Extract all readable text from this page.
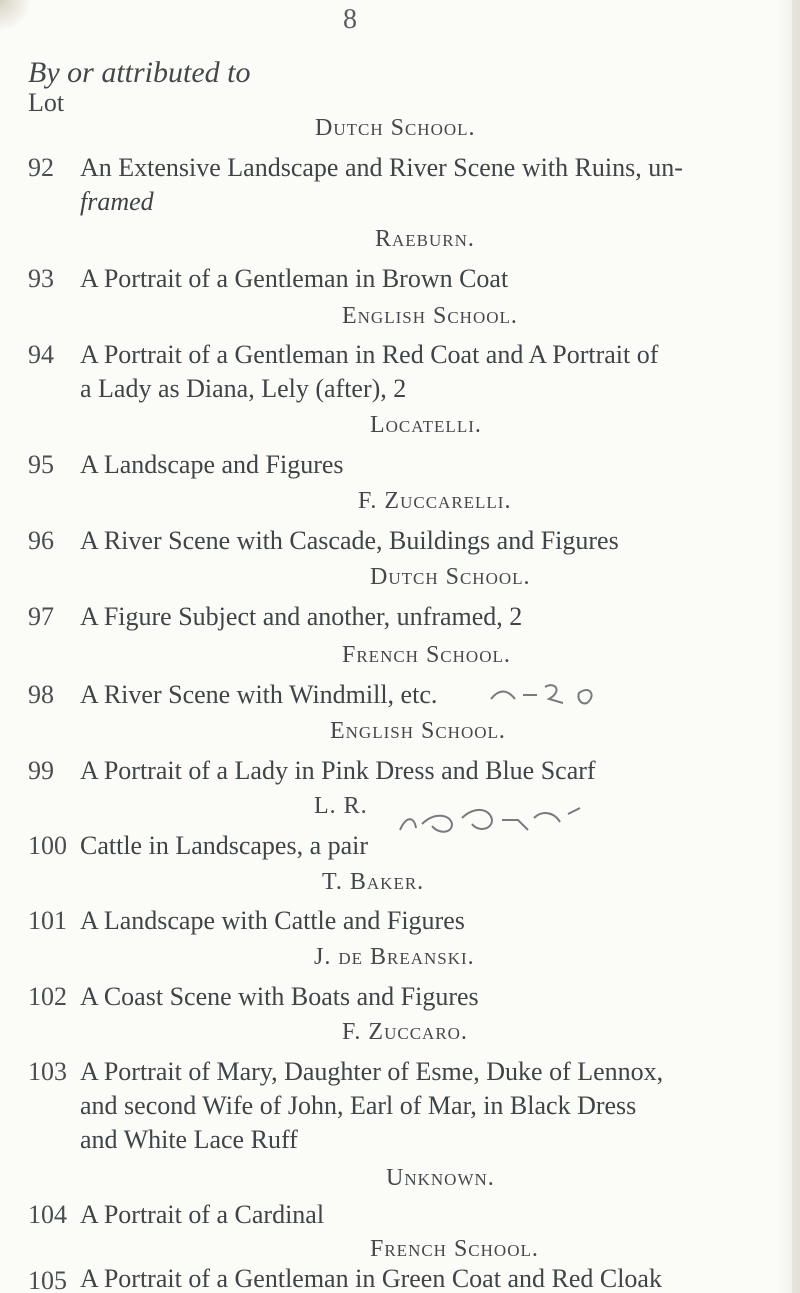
8
By or attributed to
Lot
Dutch School.
92	An Extensive Landscape and River Scene with Ruins, un-
framed
Raeburn.
93	A Portrait of a Gentleman in Brown Coat
English School.
94	A Portrait of a Gentleman in Red Coat and A Portrait of
a Lady as Diana, Lely (after), 2
Locatelli.
95	A Landscape and Figures
F. Zuccarelli.
96	A River Scene with Cascade, Buildings and Figures
Dutch School.
97	A Figure Subject and another, unframed, 2
French School.
98	A River Scene with Windmill, etc.
English School.
99	A Portrait of a Lady in Pink Dress and Blue Scarf
L. R.
100 Cattle in Landscapes, a pair
T. Baker.
101 A Landscape with Cattle and Figures
J. de Breanski.
102 A Coast Scene with Boats and Figures
F. Zuccaro.
103 A Portrait of Mary, Daughter of Esme, Duke of Lennox,
and second Wife of John, Earl of Mar, in Black Dress
and White Lace Ruff
Unknown.
104 A Portrait of a Cardinal
French School.
105 A Portrait of a Gentleman in Green Coat and Red Cloak
